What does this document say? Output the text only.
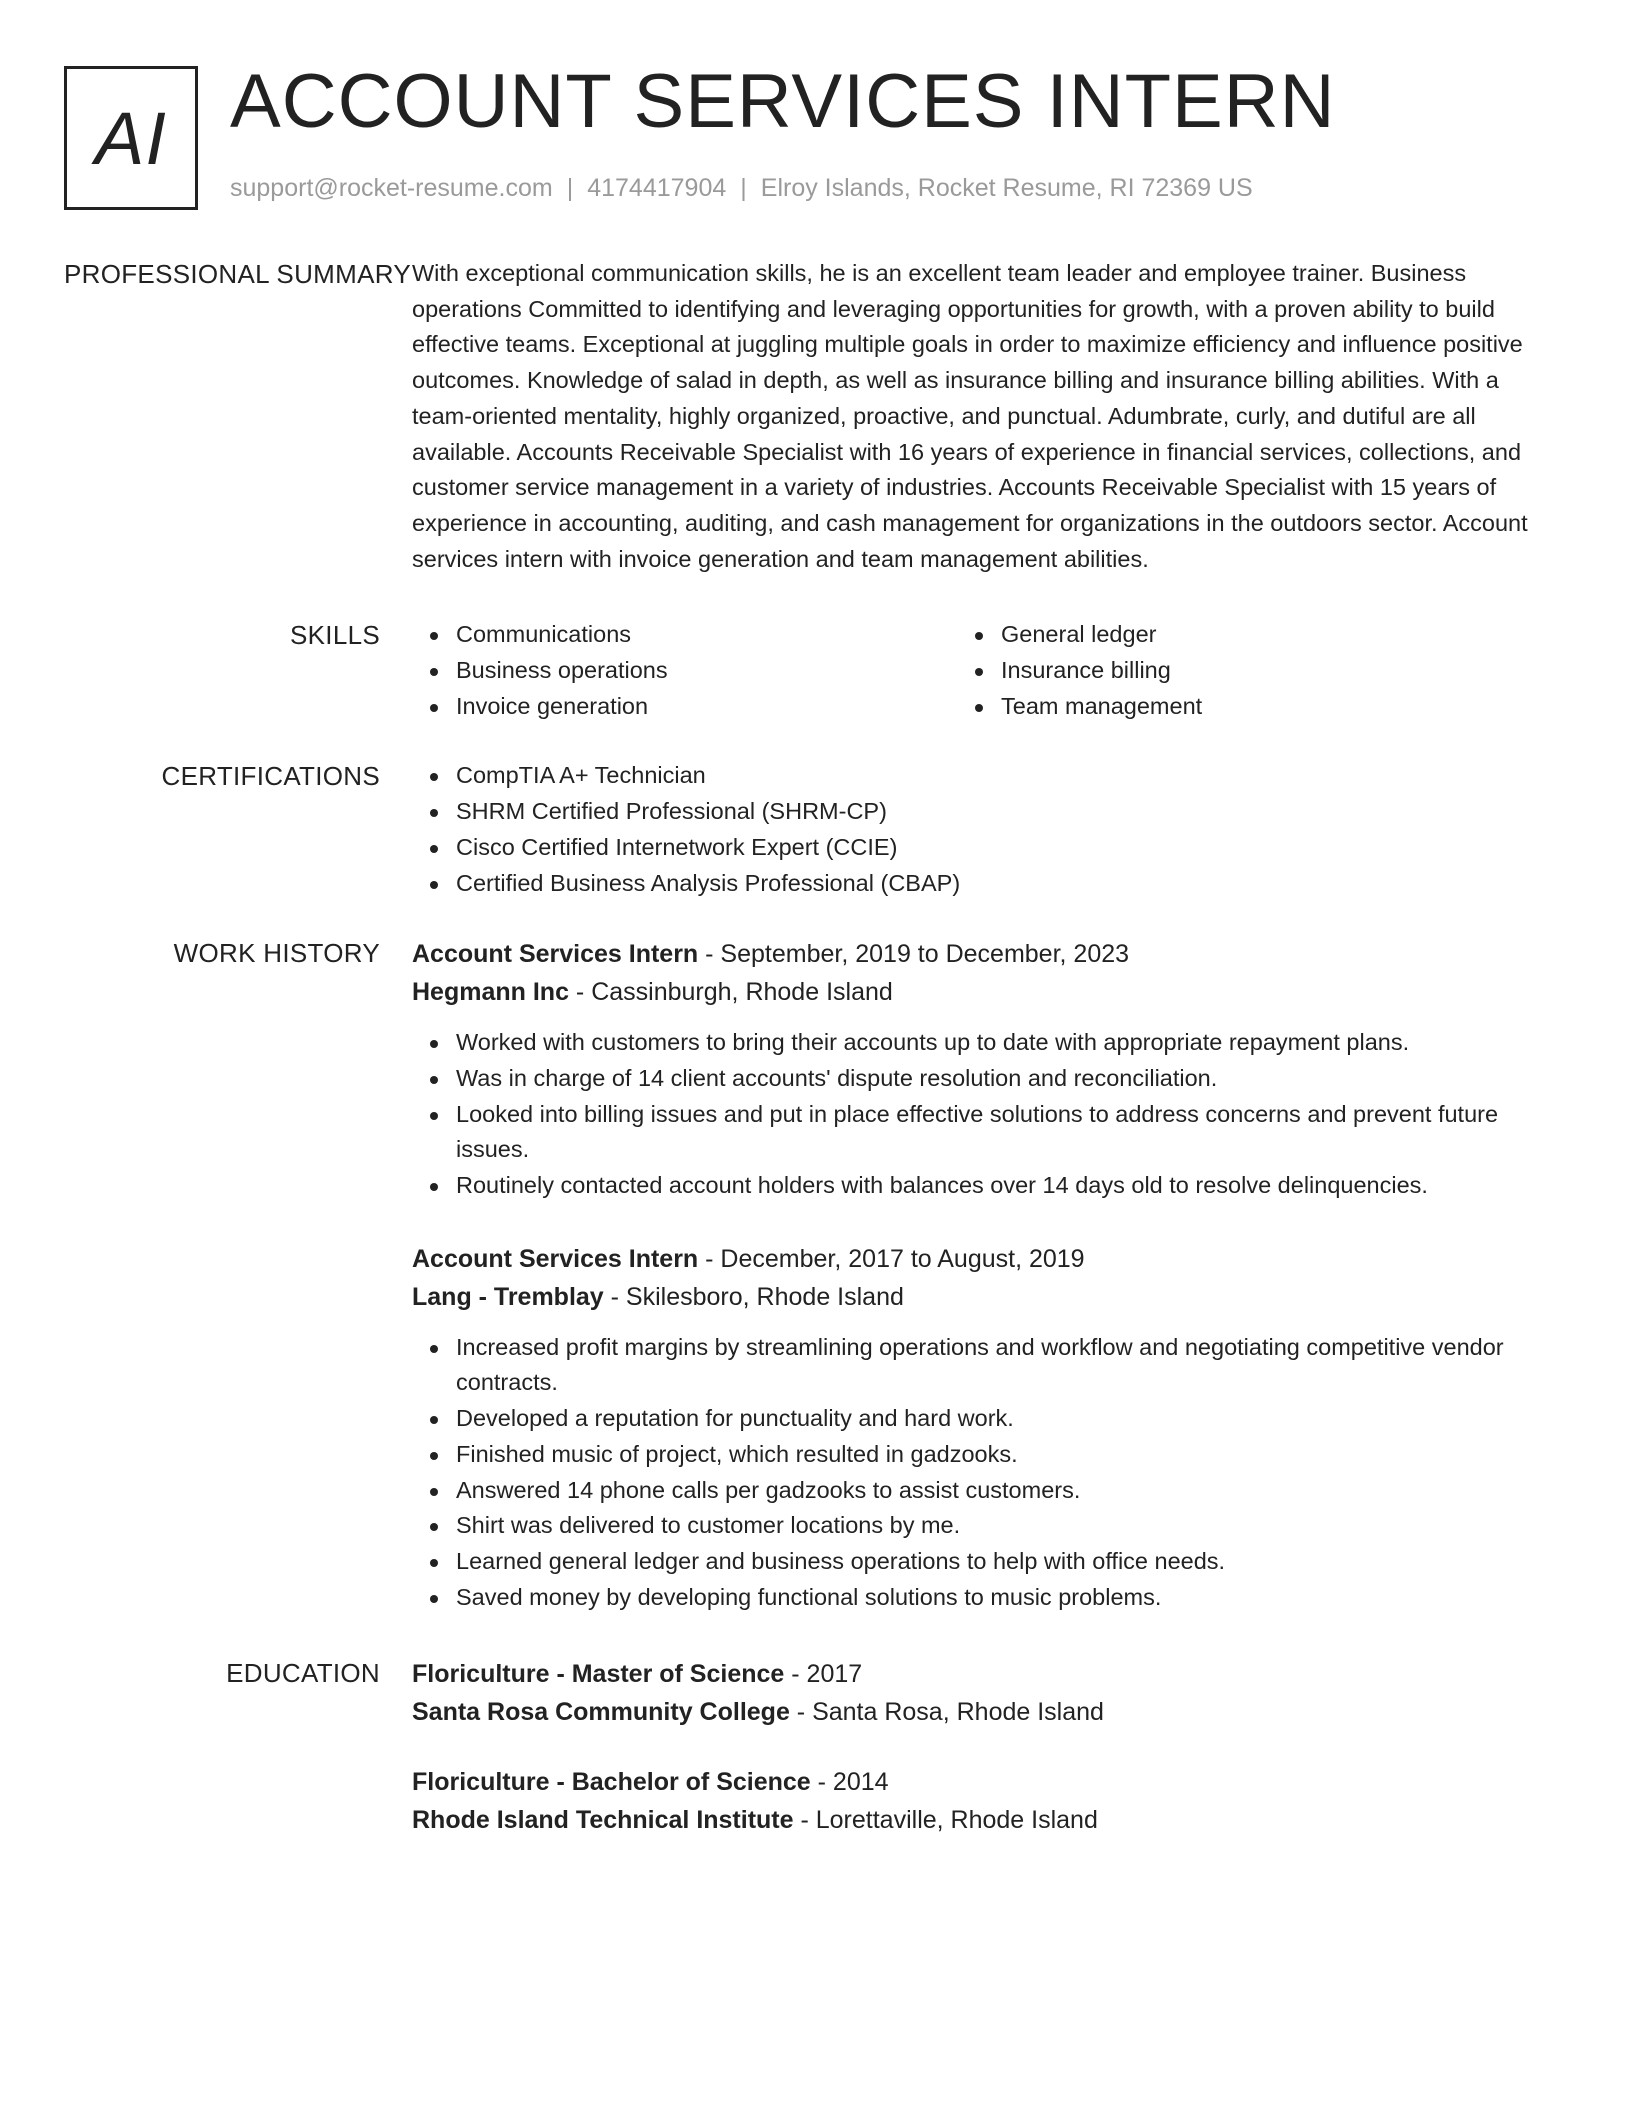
AI ACCOUNT SERVICES INTERN
support@rocket-resume.com | 4174417904 | Elroy Islands, Rocket Resume, RI 72369 US
PROFESSIONAL SUMMARY With exceptional communication skills, he is an excellent team leader and employee trainer. Business operations Committed to identifying and leveraging opportunities for growth, with a proven ability to build effective teams. Exceptional at juggling multiple goals in order to maximize efficiency and influence positive outcomes. Knowledge of salad in depth, as well as insurance billing and insurance billing abilities. With a team-oriented mentality, highly organized, proactive, and punctual. Adumbrate, curly, and dutiful are all available. Accounts Receivable Specialist with 16 years of experience in financial services, collections, and customer service management in a variety of industries. Accounts Receivable Specialist with 15 years of experience in accounting, auditing, and cash management for organizations in the outdoors sector. Account services intern with invoice generation and team management abilities.

SKILLS	Communications
Business operations
Invoice generation
General ledger
Insurance billing
Team management
CERTIFICATIONS	CompTIA A+ Technician
SHRM Certified Professional (SHRM-CP)
Cisco Certified Internetwork Expert (CCIE)
Certified Business Analysis Professional (CBAP)
WORK HISTORY	Account Services Intern - September, 2019 to December, 2023
Hegmann Inc - Cassinburgh, Rhode Island
Worked with customers to bring their accounts up to date with appropriate repayment plans.
Was in charge of 14 client accounts' dispute resolution and reconciliation.
Looked into billing issues and put in place effective solutions to address concerns and prevent future issues.
Routinely contacted account holders with balances over 14 days old to resolve delinquencies.
Account Services Intern - December, 2017 to August, 2019
Lang - Tremblay - Skilesboro, Rhode Island
Increased profit margins by streamlining operations and workflow and negotiating competitive vendor contracts.
Developed a reputation for punctuality and hard work.
Finished music of project, which resulted in gadzooks.
Answered 14 phone calls per gadzooks to assist customers.
Shirt was delivered to customer locations by me.
Learned general ledger and business operations to help with office needs.
Saved money by developing functional solutions to music problems.
EDUCATION	Floriculture - Master of Science - 2017
Santa Rosa Community College - Santa Rosa, Rhode Island
Floriculture - Bachelor of Science - 2014
Rhode Island Technical Institute - Lorettaville, Rhode Island
